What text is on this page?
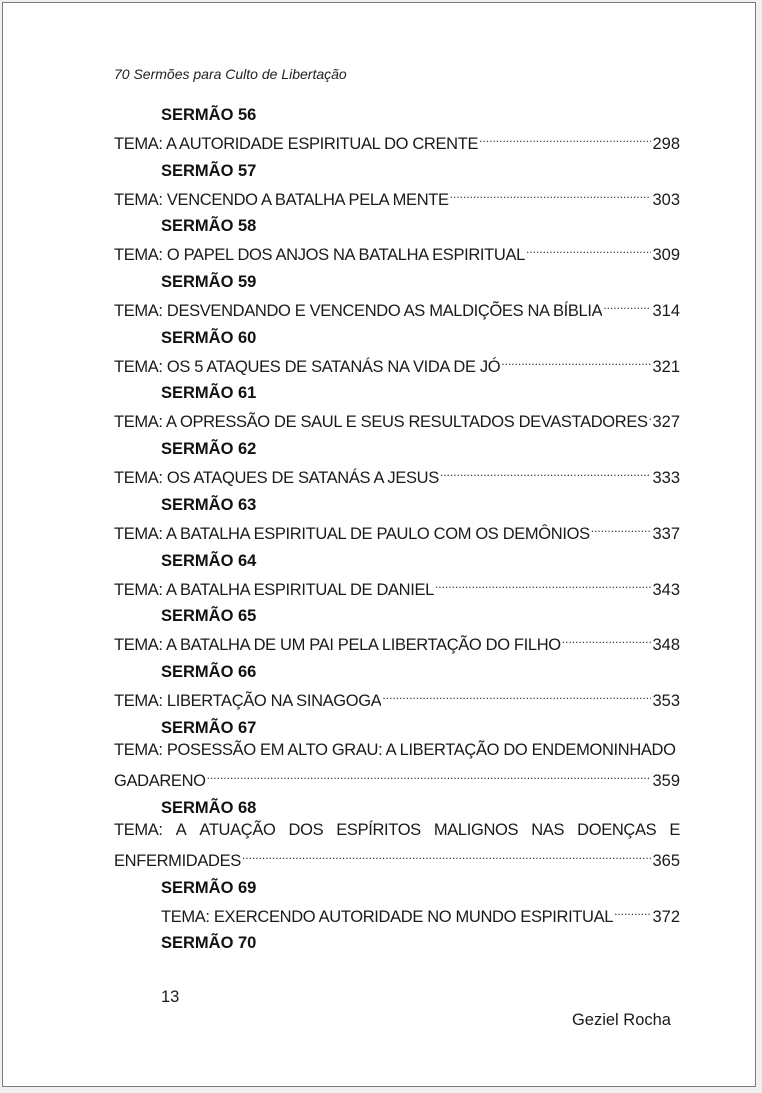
70 Sermões para Culto de Libertação
SERMÃO 56
TEMA: A AUTORIDADE ESPIRITUAL DO CRENTE .....	298
SERMÃO 57
TEMA: VENCENDO A BATALHA PELA MENTE .....	303
SERMÃO 58
TEMA: O PAPEL DOS ANJOS NA BATALHA ESPIRITUAL .....	309
SERMÃO 59
TEMA: DESVENDANDO E VENCENDO AS MALDIÇÕES NA BÍBLIA .....	314
SERMÃO 60
TEMA: OS 5 ATAQUES DE SATANÁS NA VIDA DE JÓ .....	321
SERMÃO 61
TEMA: A OPRESSÃO DE SAUL E SEUS RESULTADOS DEVASTADORES ..... 327
SERMÃO 62
TEMA: OS ATAQUES DE SATANÁS A JESUS .....	333
SERMÃO 63
TEMA: A BATALHA ESPIRITUAL DE PAULO COM OS DEMÔNIOS .....	337
SERMÃO 64
TEMA: A BATALHA ESPIRITUAL DE DANIEL .....	343
SERMÃO 65
TEMA: A BATALHA DE UM PAI PELA LIBERTAÇÃO DO FILHO .....	348
SERMÃO 66
TEMA: LIBERTAÇÃO NA SINAGOGA .....	353
SERMÃO 67
TEMA: POSESSÃO EM ALTO GRAU: A LIBERTAÇÃO DO ENDEMONINHADO
GADARENO .....	359
SERMÃO 68
TEMA: A ATUAÇÃO DOS ESPÍRITOS MALIGNOS NAS DOENÇAS E
ENFERMIDADES .....	365
SERMÃO 69
TEMA: EXERCENDO AUTORIDADE NO MUNDO ESPIRITUAL ..... 372
SERMÃO 70
13
Geziel Rocha
